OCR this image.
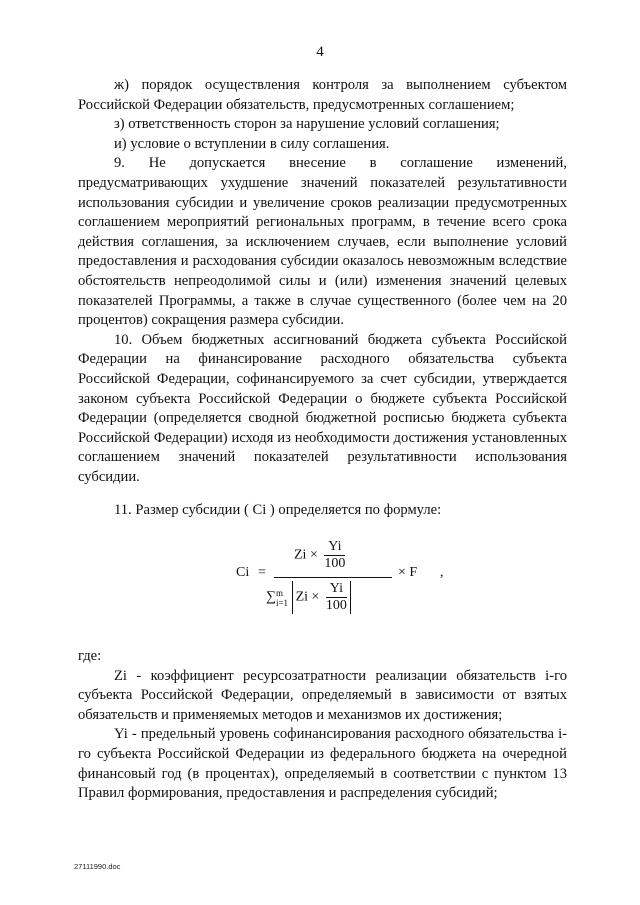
4

ж) порядок осуществления контроля за выполнением субъектом Российской Федерации обязательств, предусмотренных соглашением;

з) ответственность сторон за нарушение условий соглашения;

и) условие о вступлении в силу соглашения.

9. Не допускается внесение в соглашение изменений, предусматривающих ухудшение значений показателей результативности использования субсидии и увеличение сроков реализации предусмотренных соглашением мероприятий региональных программ, в течение всего срока действия соглашения, за исключением случаев, если выполнение условий предоставления и расходования субсидии оказалось невозможным вследствие обстоятельств непреодолимой силы и (или) изменения значений целевых показателей Программы, а также в случае существенного (более чем на 20 процентов) сокращения размера субсидии.

10. Объем бюджетных ассигнований бюджета субъекта Российской Федерации на финансирование расходного обязательства субъекта Российской Федерации, софинансируемого за счет субсидии, утверждается законом субъекта Российской Федерации о бюджете субъекта Российской Федерации (определяется сводной бюджетной росписью бюджета субъекта Российской Федерации) исходя из необходимости достижения установленных соглашением значений показателей результативности использования субсидии.

11. Размер субсидии ( Ci ) определяется по формуле:

Ci =
$Zi \times \frac{Yi}{100}$
∑ m
i=1 $Zi \times \frac{Yi}{100}$
× F ,

где:

Zi - коэффициент ресурсозатратности реализации обязательств i-го субъекта Российской Федерации, определяемый в зависимости от взятых обязательств и применяемых методов и механизмов их достижения;

Yi - предельный уровень софинансирования расходного обязательства i-го субъекта Российской Федерации из федерального бюджета на очередной финансовый год (в процентах), определяемый в соответствии с пунктом 13 Правил формирования, предоставления и распределения субсидий;

27111990.doc
